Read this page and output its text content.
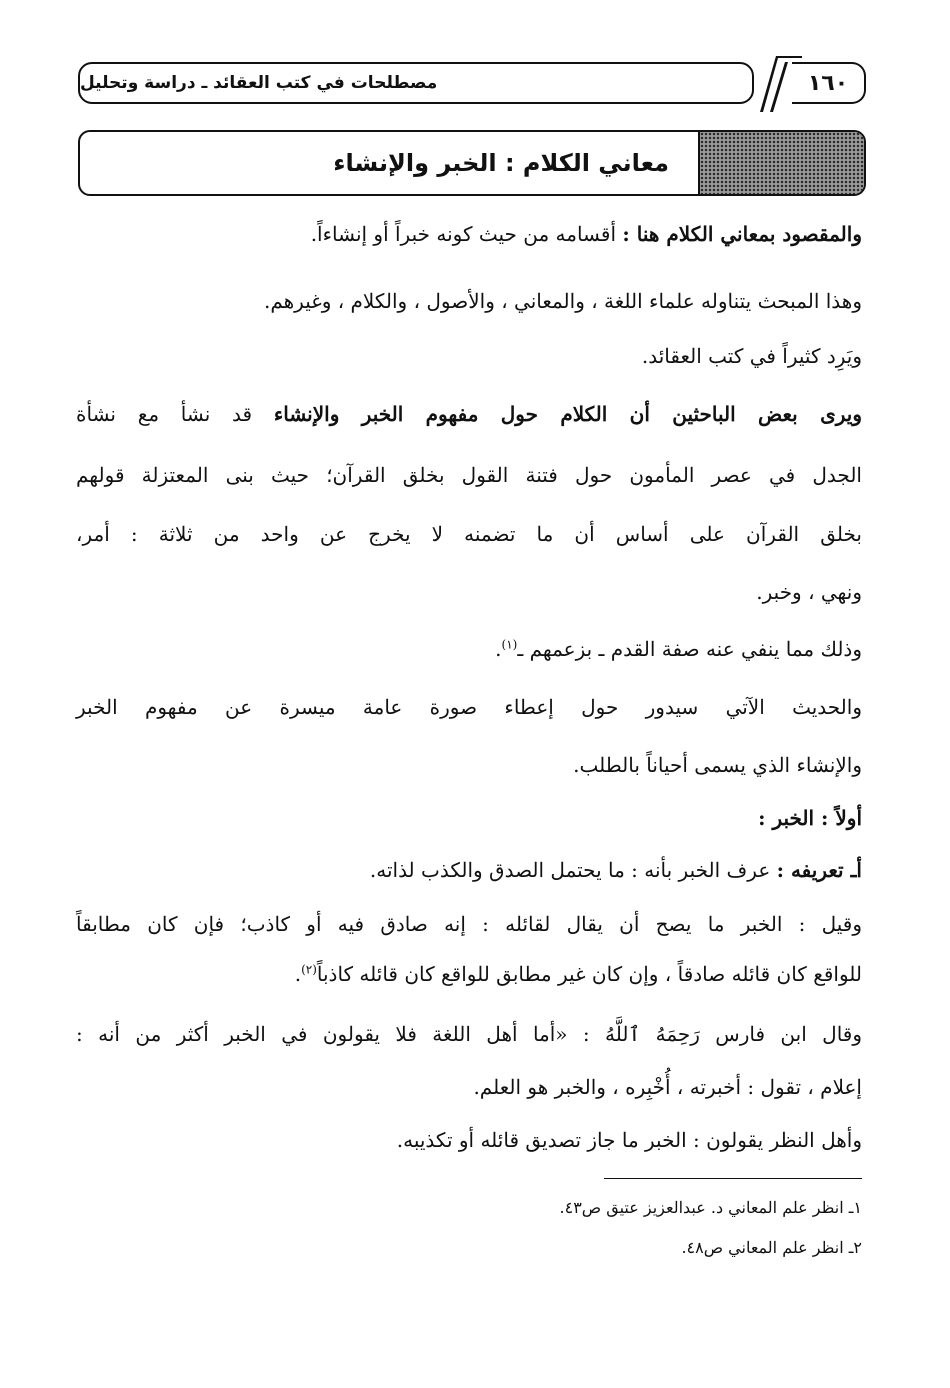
مصطلحات في كتب العقائد ـ دراسة وتحليل	١٦٠
معاني الكلام : الخبر والإنشاء
والمقصود بمعاني الكلام هنا : أقسامه من حيث كونه خبراً أو إنشاءاً.
وهذا المبحث يتناوله علماء اللغة ، والمعاني ، والأصول ، والكلام ، وغيرهم.
ويَرِد كثيراً في كتب العقائد.
ويرى بعض الباحثين أن الكلام حول مفهوم الخبر والإنشاء قد نشأ مع نشأة
الجدل في عصر المأمون حول فتنة القول بخلق القرآن؛ حيث بنى المعتزلة قولهم
بخلق القرآن على أساس أن ما تضمنه لا يخرج عن واحد من ثلاثة : أمر،
ونهي ، وخبر.
وذلك مما ينفي عنه صفة القدم ـ بزعمهم ـ$^{(١)}$.
والحديث الآتي سيدور حول إعطاء صورة عامة ميسرة عن مفهوم الخبر
والإنشاء الذي يسمى أحياناً بالطلب.
أولاً : الخبر :
أـ تعريفه : عرف الخبر بأنه : ما يحتمل الصدق والكذب لذاته.
وقيل : الخبر ما يصح أن يقال لقائله : إنه صادق فيه أو كاذب؛ فإن كان مطابقاً
للواقع كان قائله صادقاً ، وإن كان غير مطابق للواقع كان قائله كاذباً$^{(٢)}$.
وقال ابن فارس رَحِمَهُ ٱللَّهُ : «أما أهل اللغة فلا يقولون في الخبر أكثر من أنه :
إعلام ، تقول : أخبرته ، أُخْبِره ، والخبر هو العلم.
وأهل النظر يقولون : الخبر ما جاز تصديق قائله أو تكذيبه.
١ـ انظر علم المعاني د. عبدالعزيز عتيق ص٤٣.
٢ـ انظر علم المعاني ص٤٨.
